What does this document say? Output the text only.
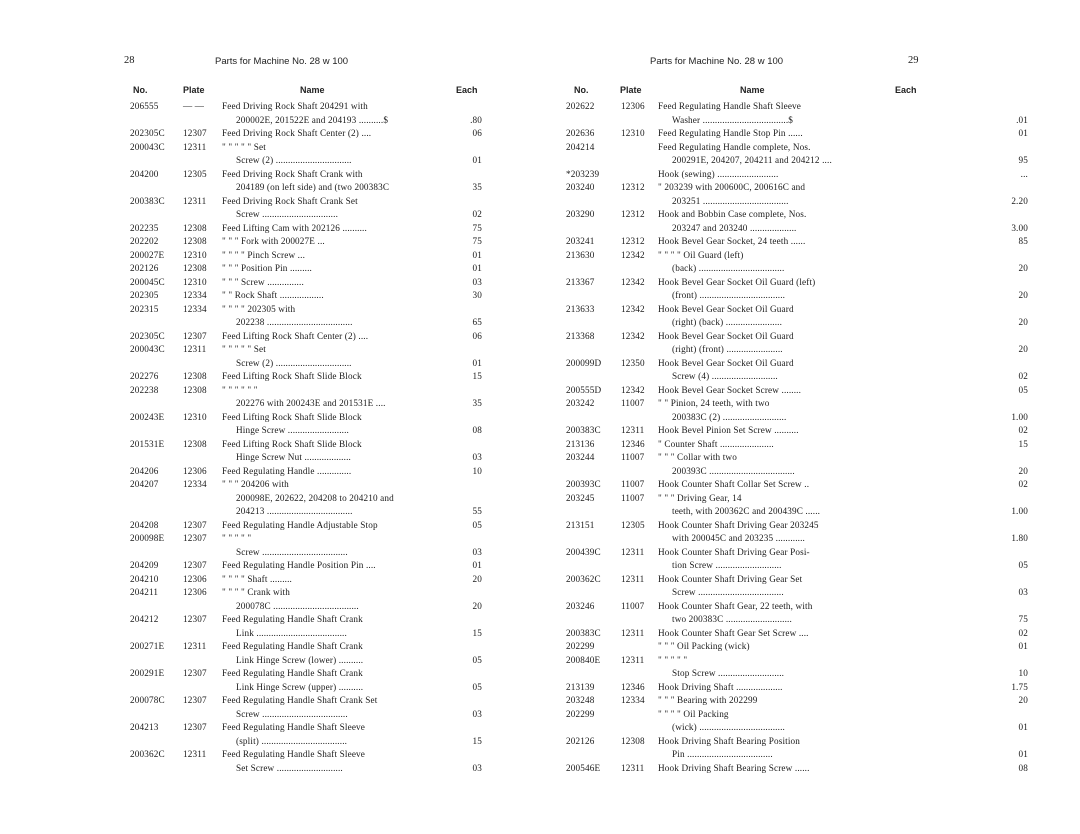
28	Parts for Machine No. 28 w 100
No.	Plate	Name	Each
206555	— — Feed Driving Rock Shaft 204291 with
200002E, 201522E and 204193 ..........$	.80
202305C 12307 Feed Driving Rock Shaft Center (2) ....	06
200043C 12311 " " " " " Set
Screw (2) ...............................	01
204200	12305 Feed Driving Rock Shaft Crank with
204189 (on left side) and (two 200383C	35
200383C 12311 Feed Driving Rock Shaft Crank Set
Screw ...............................	02
202235	12308 Feed Lifting Cam with 202126 ..........	75
202202	12308 " " " Fork with 200027E ...	75
200027E 12310 " " " " Pinch Screw ...	01
202126	12308 " " " Position Pin .........	01
200045C 12310 " " " Screw ...............	03
202305	12334 " " Rock Shaft ..................	30
202315	12334 " " " " 202305 with
202238 ...................................	65
202305C 12307 Feed Lifting Rock Shaft Center (2) ....	06
200043C 12311 " " " " " Set
Screw (2) ...............................	01
202276	12308 Feed Lifting Rock Shaft Slide Block	15
202238	12308 " " " " " "
202276 with 200243E and 201531E ....	35
200243E 12310 Feed Lifting Rock Shaft Slide Block
Hinge Screw .........................	08
201531E 12308 Feed Lifting Rock Shaft Slide Block
Hinge Screw Nut ...................	03
204206	12306 Feed Regulating Handle ..............	10
204207	12334 " " " 204206 with
200098E, 202622, 204208 to 204210 and
204213 ...................................	55
204208	12307 Feed Regulating Handle Adjustable Stop	05
200098E 12307 " " " " "
Screw ...................................	03
204209	12307 Feed Regulating Handle Position Pin ....	01
204210	12306 " " " " Shaft .........	20
204211	12306 " " " " Crank with
200078C ...................................	20
204212	12307 Feed Regulating Handle Shaft Crank
Link .....................................	15
200271E 12311 Feed Regulating Handle Shaft Crank
Link Hinge Screw (lower) ..........	05
200291E 12307 Feed Regulating Handle Shaft Crank
Link Hinge Screw (upper) ..........	05
200078C 12307 Feed Regulating Handle Shaft Crank Set
Screw ...................................	03
204213	12307 Feed Regulating Handle Shaft Sleeve
(split) ...................................	15
200362C 12311 Feed Regulating Handle Shaft Sleeve
Set Screw ...........................	03
Parts for Machine No. 28 w 100	29
No.	Plate	Name	Each
202622	12306 Feed Regulating Handle Shaft Sleeve
Washer ...................................$	.01
202636	12310 Feed Regulating Handle Stop Pin ......	01
204214	Feed Regulating Handle complete, Nos.
200291E, 204207, 204211 and 204212 ....	95
*203239	Hook (sewing) .........................	...
203240	12312 " 203239 with 200600C, 200616C and
203251 ...................................	2.20
203290	12312 Hook and Bobbin Case complete, Nos.
203247 and 203240 ...................	3.00
203241	12312 Hook Bevel Gear Socket, 24 teeth ......	85
213630	12342 " " " " Oil Guard (left)
(back) ...................................	20
213367	12342 Hook Bevel Gear Socket Oil Guard (left)
(front) ...................................	20
213633	12342 Hook Bevel Gear Socket Oil Guard
(right) (back) .......................	20
213368	12342 Hook Bevel Gear Socket Oil Guard
(right) (front) .......................	20
200099D 12350 Hook Bevel Gear Socket Oil Guard
Screw (4) ...........................	02
200555D 12342 Hook Bevel Gear Socket Screw ........	05
203242	11007 " " Pinion, 24 teeth, with two
200383C (2) ..........................	1.00
200383C 12311 Hook Bevel Pinion Set Screw ..........	02
213136	12346 " Counter Shaft ......................	15
203244	11007 " " " Collar with two
200393C ...................................	20
200393C 11007 Hook Counter Shaft Collar Set Screw ..	02
203245	11007 " " " Driving Gear, 14
teeth, with 200362C and 200439C ......	1.00
213151	12305 Hook Counter Shaft Driving Gear 203245
with 200045C and 203235 ............	1.80
200439C 12311 Hook Counter Shaft Driving Gear Posi-
tion Screw ...........................	05
200362C 12311 Hook Counter Shaft Driving Gear Set
Screw ...................................	03
203246	11007 Hook Counter Shaft Gear, 22 teeth, with
two 200383C ...........................	75
200383C 12311 Hook Counter Shaft Gear Set Screw ....	02
202299	" " " Oil Packing (wick)	01
200840E 12311 " " " " "
Stop Screw ...........................	10
213139	12346 Hook Driving Shaft ...................	1.75
203248	12334 " " " Bearing with 202299	20
202299	" " " " Oil Packing
(wick) ...................................	01
202126	12308 Hook Driving Shaft Bearing Position
Pin ...................................	01
200546E 12311 Hook Driving Shaft Bearing Screw ......	08
